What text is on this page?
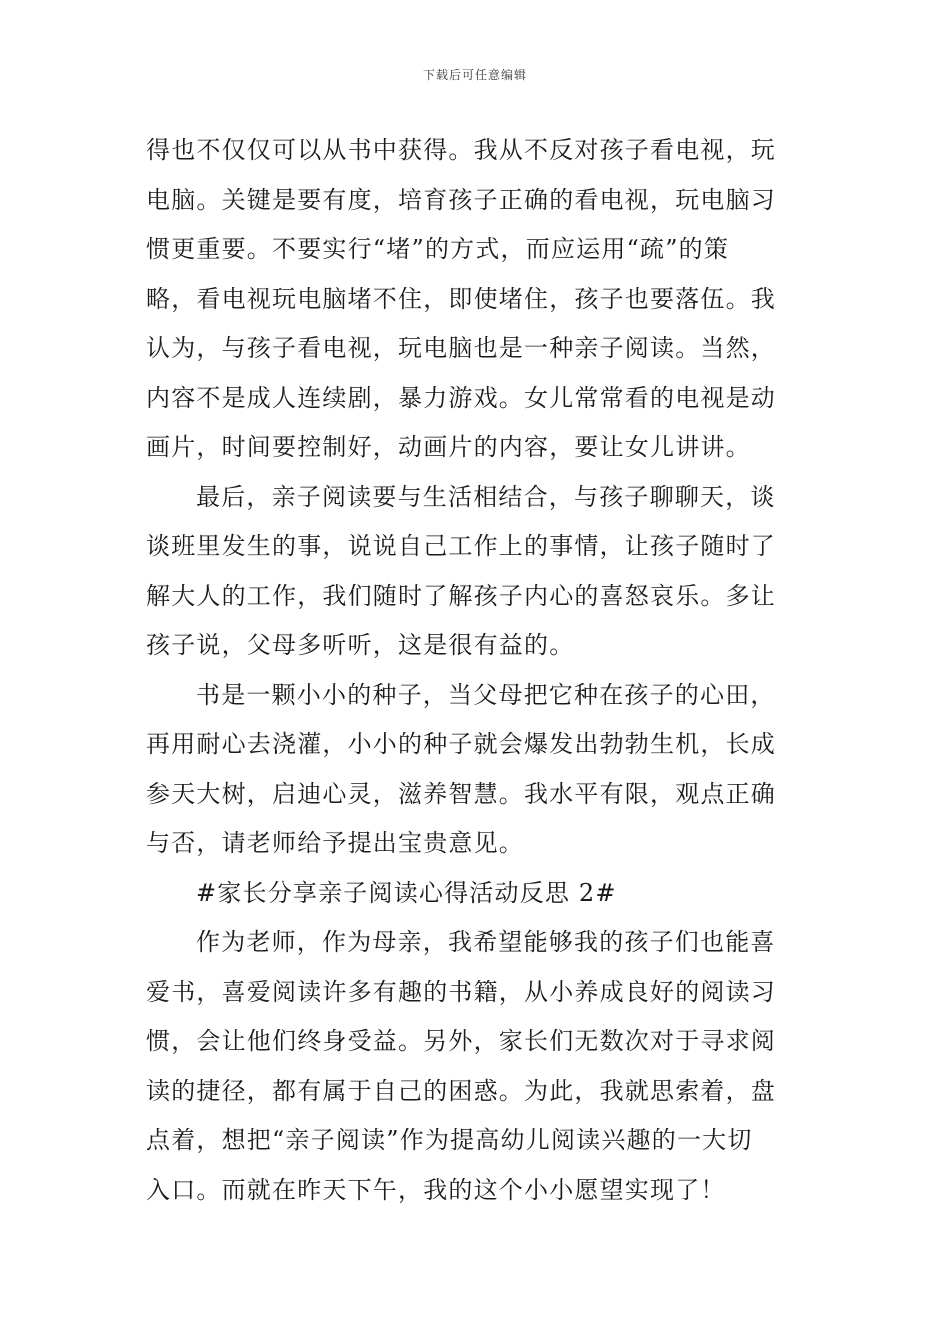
下载后可任意编辑
得也不仅仅可以从书中获得。我从不反对孩子看电视，玩
电脑。关键是要有度，培育孩子正确的看电视，玩电脑习
惯更重要。不要实行“堵”的方式，而应运用“疏”的策
略，看电视玩电脑堵不住，即使堵住，孩子也要落伍。我
认为，与孩子看电视，玩电脑也是一种亲子阅读。当然，
内容不是成人连续剧，暴力游戏。女儿常常看的电视是动
画片，时间要控制好，动画片的内容，要让女儿讲讲。
最后，亲子阅读要与生活相结合，与孩子聊聊天，谈
谈班里发生的事，说说自己工作上的事情，让孩子随时了
解大人的工作，我们随时了解孩子内心的喜怒哀乐。多让
孩子说，父母多听听，这是很有益的。
书是一颗小小的种子，当父母把它种在孩子的心田，
再用耐心去浇灌，小小的种子就会爆发出勃勃生机，长成
参天大树，启迪心灵，滋养智慧。我水平有限，观点正确
与否，请老师给予提出宝贵意见。
#家长分享亲子阅读心得活动反思 2#
作为老师，作为母亲，我希望能够我的孩子们也能喜
爱书，喜爱阅读许多有趣的书籍，从小养成良好的阅读习
惯，会让他们终身受益。另外，家长们无数次对于寻求阅
读的捷径，都有属于自己的困惑。为此，我就思索着，盘
点着，想把“亲子阅读”作为提高幼儿阅读兴趣的一大切
入口。而就在昨天下午，我的这个小小愿望实现了！
